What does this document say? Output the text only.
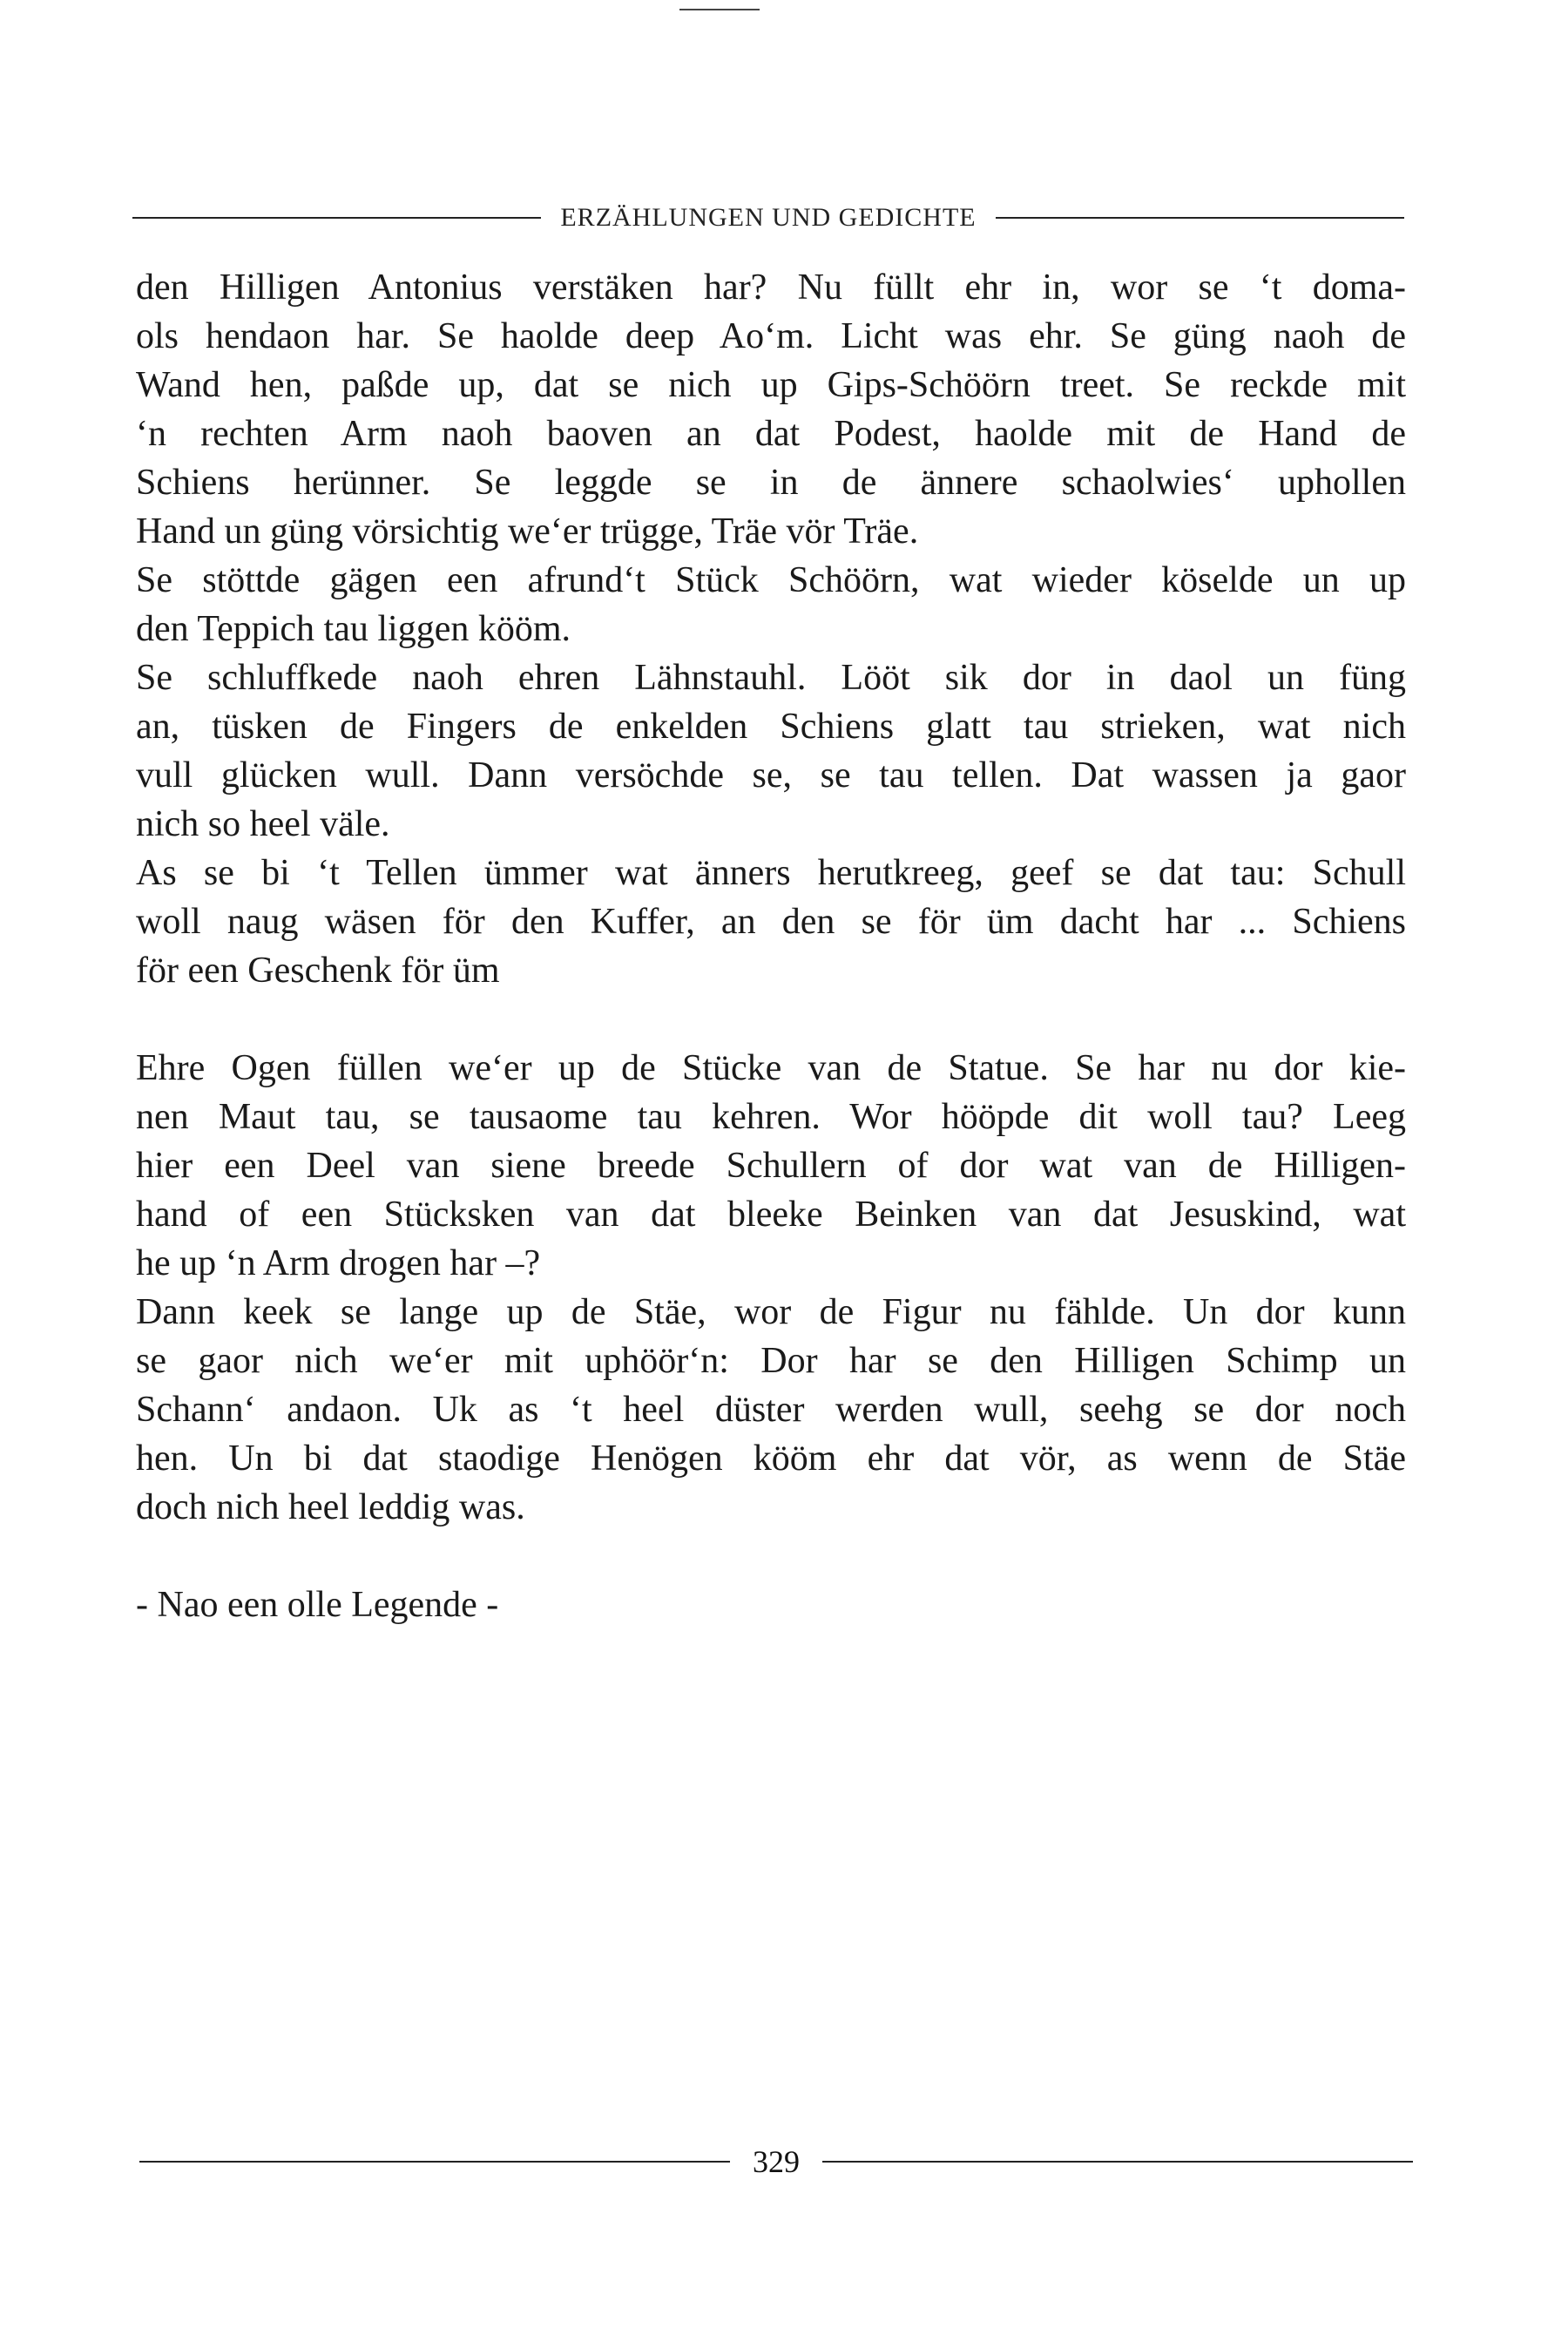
ERZÄHLUNGEN UND GEDICHTE
den Hilligen Antonius verstäken har? Nu füllt ehr in, wor se ‘t doma-
ols hendaon har. Se haolde deep Ao‘m. Licht was ehr. Se güng naoh de
Wand hen, paßde up, dat se nich up Gips-Schöörn treet. Se reckde mit
‘n rechten Arm naoh baoven an dat Podest, haolde mit de Hand de
Schiens herünner. Se leggde se in de ännere schaolwies‘ uphollen
Hand un güng vörsichtig we‘er trügge, Träe vör Träe.
Se stöttde gägen een afrund‘t Stück Schöörn, wat wieder köselde un up
den Teppich tau liggen kööm.
Se schluffkede naoh ehren Lähnstauhl. Lööt sik dor in daol un füng
an, tüsken de Fingers de enkelden Schiens glatt tau strieken, wat nich
vull glücken wull. Dann versöchde se, se tau tellen. Dat wassen ja gaor
nich so heel väle.
As se bi ‘t Tellen ümmer wat änners herutkreeg, geef se dat tau: Schull
woll naug wäsen för den Kuffer, an den se för üm dacht har ... Schiens
för een Geschenk för üm
Ehre Ogen füllen we‘er up de Stücke van de Statue. Se har nu dor kie-
nen Maut tau, se tausaome tau kehren. Wor hööрde dit woll tau? Leeg
hier een Deel van siene breede Schullern of dor wat van de Hilligen-
hand of een Stücksken van dat bleeke Beinken van dat Jesuskind, wat
he up ‘n Arm drogen har –?
Dann keek se lange up de Stäe, wor de Figur nu fählde. Un dor kunn
se gaor nich we‘er mit uphöör‘n: Dor har se den Hilligen Schimp un
Schann‘ andaon. Uk as ‘t heel düster werden wull, seehg se dor noch
hen. Un bi dat staodige Henögen kööm ehr dat vör, as wenn de Stäe
doch nich heel leddig was.
- Nao een olle Legende -
329
